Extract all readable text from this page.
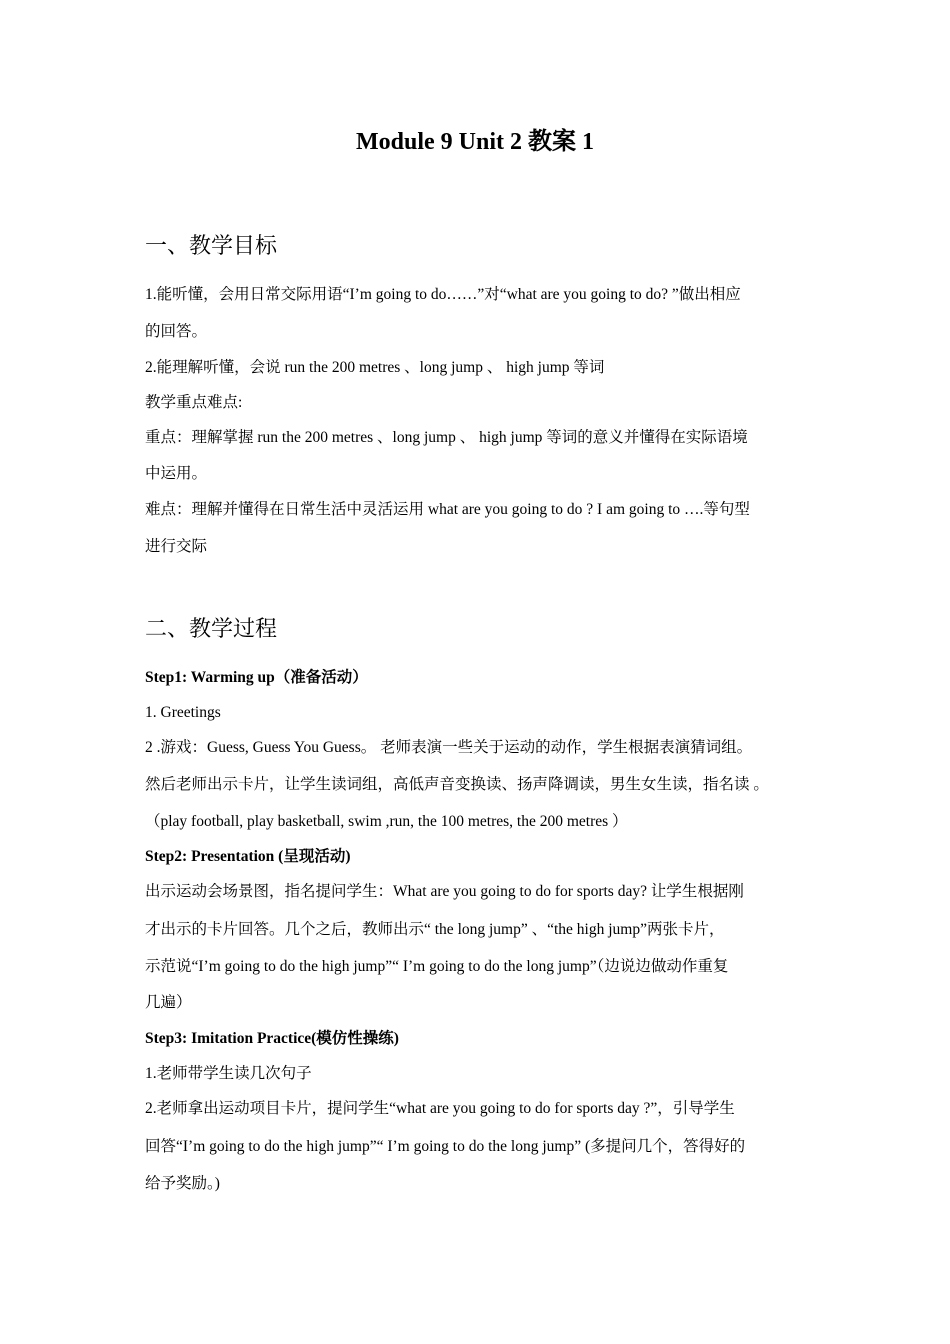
Module 9 Unit 2 教案 1
一、教学目标
1.能听懂，会用日常交际用语“I’m going to do……”对“what are you going to do? ”做出相应
的回答。
2.能理解听懂，会说 run the 200 metres 、long jump 、 high jump 等词
教学重点难点:
重点：理解掌握 run the 200 metres 、long jump 、 high jump 等词的意义并懂得在实际语境
中运用。
难点：理解并懂得在日常生活中灵活运用 what are you going to do ? I am going to ….等句型
进行交际
二、教学过程
Step1: Warming up（准备活动）
1. Greetings
2 .游戏：Guess, Guess You Guess。 老师表演一些关于运动的动作，学生根据表演猜词组。
然后老师出示卡片，让学生读词组，高低声音变换读、扬声降调读，男生女生读，指名读 。
（play football, play basketball, swim ,run, the 100 metres, the 200 metres ）
Step2: Presentation (呈现活动)
出示运动会场景图，指名提问学生：What are you going to do for sports day? 让学生根据刚
才出示的卡片回答。几个之后，教师出示“ the long jump” 、“the high jump”两张卡片，
示范说“I’m going to do the high jump”“ I’m going to do the long jump”（边说边做动作重复
几遍）
Step3: Imitation Practice(模仿性操练)
1.老师带学生读几次句子
2.老师拿出运动项目卡片，提问学生“what are you going to do for sports day ?”，引导学生
回答“I’m going to do the high jump”“ I’m going to do the long jump” (多提问几个，答得好的
给予奖励。)
